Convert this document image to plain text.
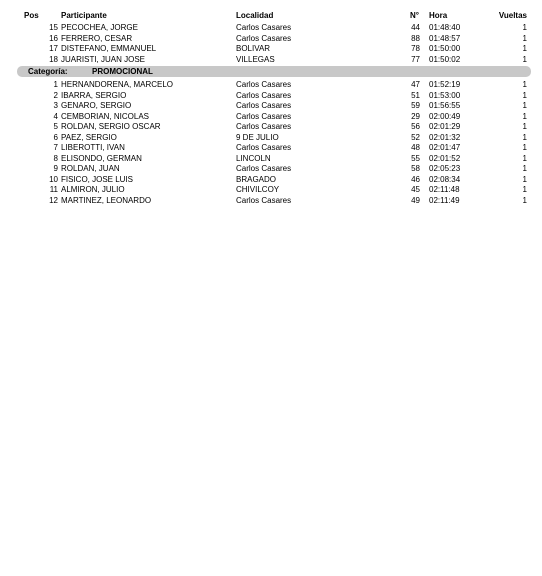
Pos	Participante	Localidad	N°	Hora	Vueltas
15 PECOCHEA, JORGE	Carlos Casares	44 01:48:40	1
16 FERRERO, CESAR	Carlos Casares	88 01:48:57	1
17 DISTEFANO, EMMANUEL	BOLIVAR	78 01:50:00	1
18 JUARISTI, JUAN JOSE	VILLEGAS	77 01:50:02	1
Categoría:	PROMOCIONAL
1 HERNANDORENA, MARCELO	Carlos Casares	47 01:52:19	1
2 IBARRA, SERGIO	Carlos Casares	51 01:53:00	1
3 GENARO, SERGIO	Carlos Casares	59 01:56:55	1
4 CEMBORIAN, NICOLAS	Carlos Casares	29 02:00:49	1
5 ROLDAN, SERGIO OSCAR	Carlos Casares	56 02:01:29	1
6 PAEZ, SERGIO	9 DE JULIO	52 02:01:32	1
7 LIBEROTTI, IVAN	Carlos Casares	48 02:01:47	1
8 ELISONDO, GERMAN	LINCOLN	55 02:01:52	1
9 ROLDAN, JUAN	Carlos Casares	58 02:05:23	1
10 FISICO, JOSE LUIS	BRAGADO	46 02:08:34	1
11 ALMIRON, JULIO	CHIVILCOY	45 02:11:48	1
12 MARTINEZ, LEONARDO	Carlos Casares	49 02:11:49	1
